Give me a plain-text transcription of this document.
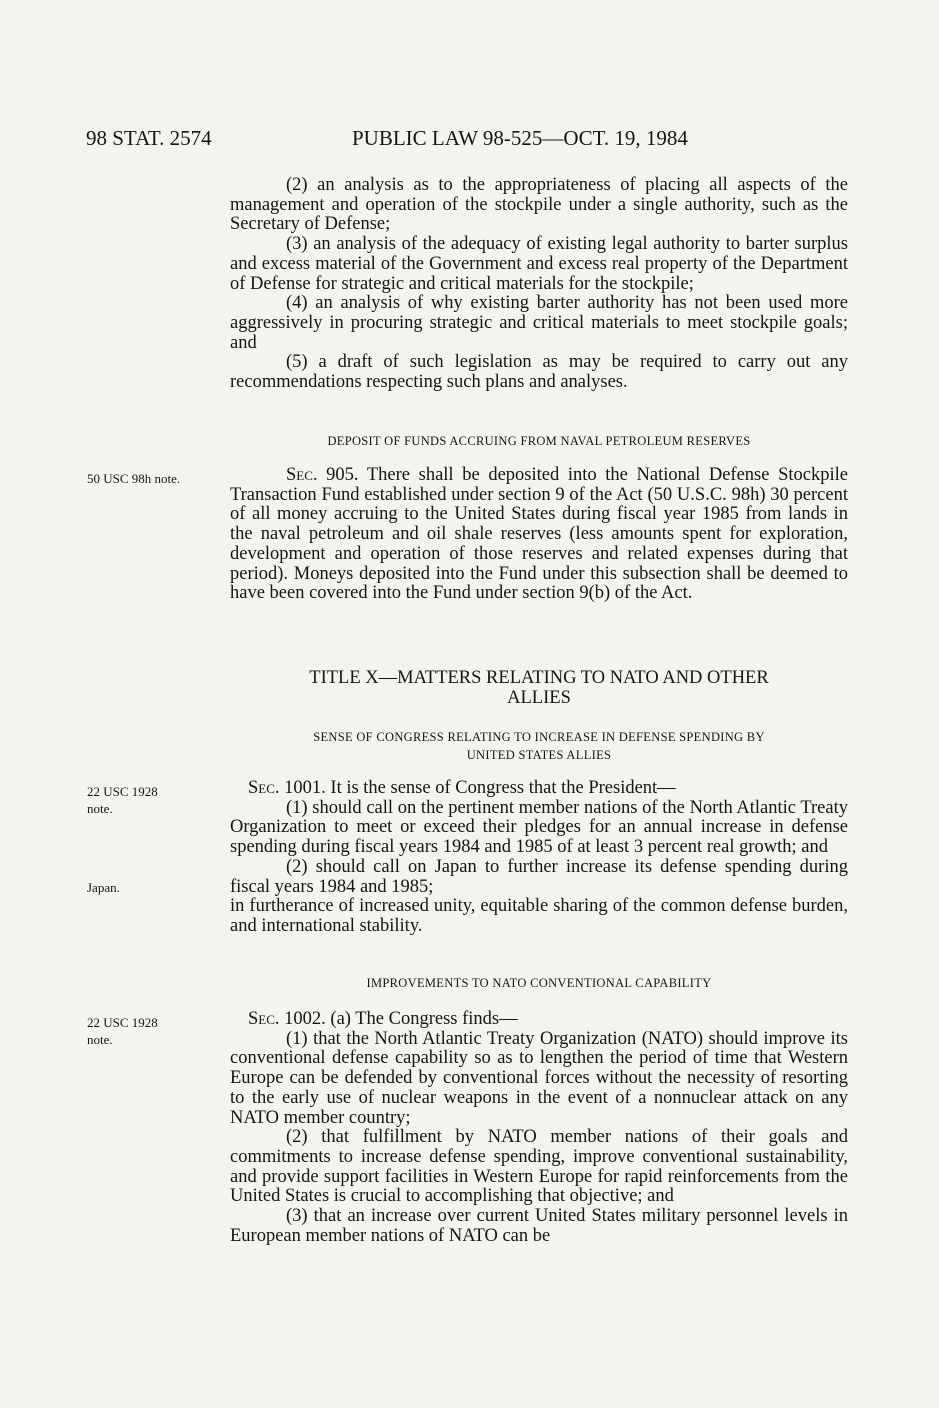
98 STAT. 2574	PUBLIC LAW 98-525—OCT. 19, 1984

(2) an analysis as to the appropriateness of placing all aspects of the management and operation of the stockpile under a single authority, such as the Secretary of Defense;

(3) an analysis of the adequacy of existing legal authority to barter surplus and excess material of the Government and excess real property of the Department of Defense for strategic and critical materials for the stockpile;

(4) an analysis of why existing barter authority has not been used more aggressively in procuring strategic and critical materials to meet stockpile goals; and

(5) a draft of such legislation as may be required to carry out any recommendations respecting such plans and analyses.

DEPOSIT OF FUNDS ACCRUING FROM NAVAL PETROLEUM RESERVES
50 USC 98h note.	Sec. 905. There shall be deposited into the National Defense Stockpile Transaction Fund established under section 9 of the Act (50 U.S.C. 98h) 30 percent of all money accruing to the United States during fiscal year 1985 from lands in the naval petroleum and oil shale reserves (less amounts spent for exploration, development and operation of those reserves and related expenses during that period). Moneys deposited into the Fund under this subsection shall be deemed to have been covered into the Fund under section 9(b) of the Act.

TITLE X—MATTERS RELATING TO NATO AND OTHER
ALLIES
SENSE OF CONGRESS RELATING TO INCREASE IN DEFENSE SPENDING BY
UNITED STATES ALLIES
22 USC 1928
note.
Japan.

Sec. 1001. It is the sense of Congress that the President—

(1) should call on the pertinent member nations of the North Atlantic Treaty Organization to meet or exceed their pledges for an annual increase in defense spending during fiscal years 1984 and 1985 of at least 3 percent real growth; and

(2) should call on Japan to further increase its defense spending during fiscal years 1984 and 1985;

in furtherance of increased unity, equitable sharing of the common defense burden, and international stability.

IMPROVEMENTS TO NATO CONVENTIONAL CAPABILITY
22 USC 1928
note.

Sec. 1002. (a) The Congress finds—

(1) that the North Atlantic Treaty Organization (NATO) should improve its conventional defense capability so as to lengthen the period of time that Western Europe can be defended by conventional forces without the necessity of resorting to the early use of nuclear weapons in the event of a nonnuclear attack on any NATO member country;

(2) that fulfillment by NATO member nations of their goals and commitments to increase defense spending, improve conventional sustainability, and provide support facilities in Western Europe for rapid reinforcements from the United States is crucial to accomplishing that objective; and

(3) that an increase over current United States military personnel levels in European member nations of NATO can be
